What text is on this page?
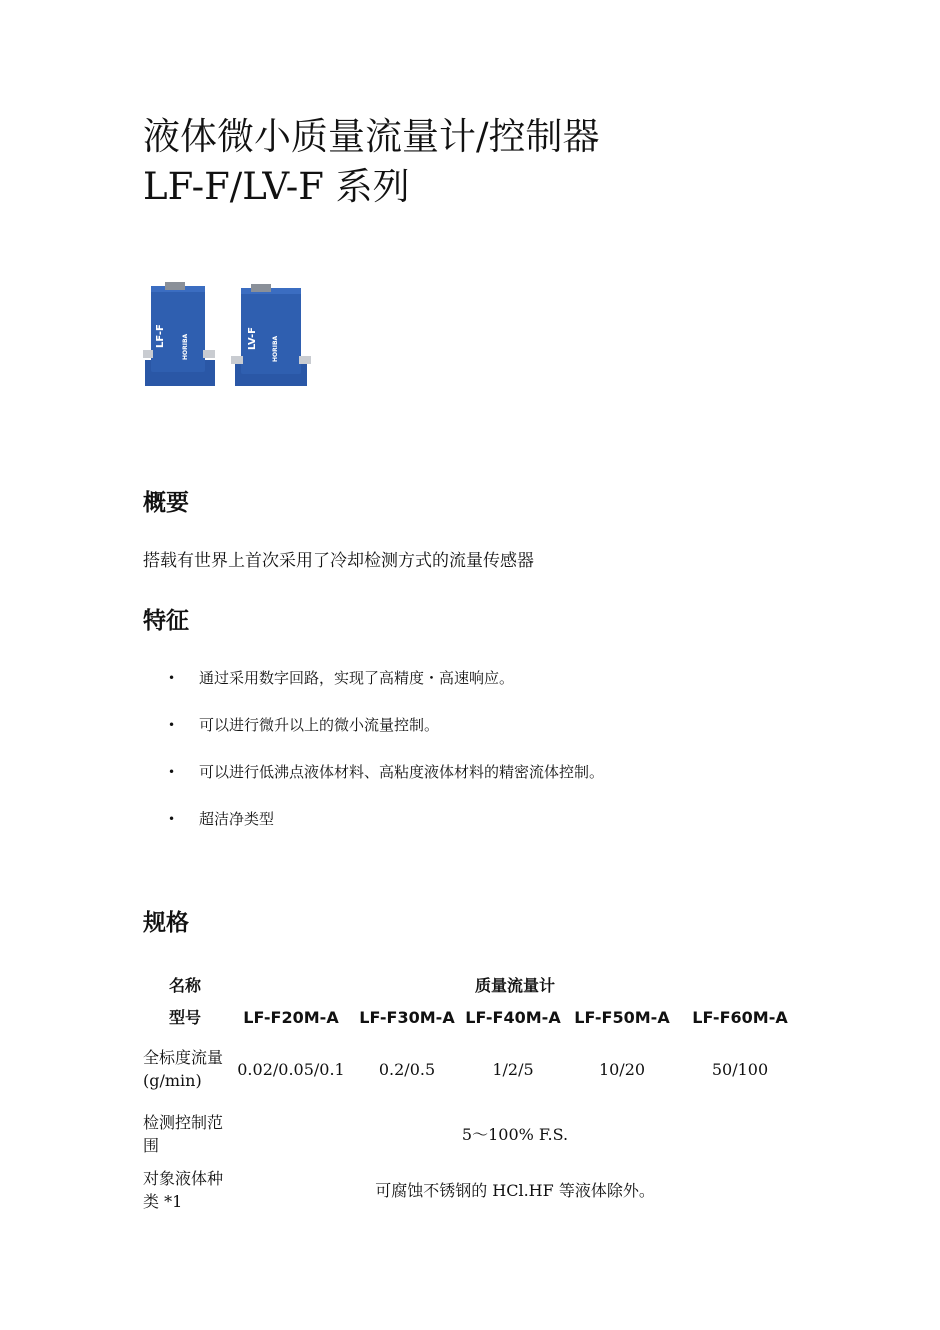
液体微小质量流量计/控制器
LF-F/LV-F 系列
LF-F	HORIBA	LV-F HORIBA
概要

搭载有世界上首次采用了冷却检测方式的流量传感器

特征
• 通过采用数字回路，实现了高精度・高速响应。
• 可以进行微升以上的微小流量控制。
• 可以进行低沸点液体材料、高粘度液体材料的精密流体控制。
• 超洁净类型
规格
名称	质量流量计				
型号	LF-F20M-A	LF-F30M-A	LF-F40M-A	LF-F50M-A	LF-F60M-A
全标度流量(g/min)	0.02/0.05/0.1	0.2/0.5	1/2/5	10/20	50/100
检测控制范围	5～100% F.S.				
对象液体种类 *1	可腐蚀不锈钢的 HCl.HF 等液体除外。				
